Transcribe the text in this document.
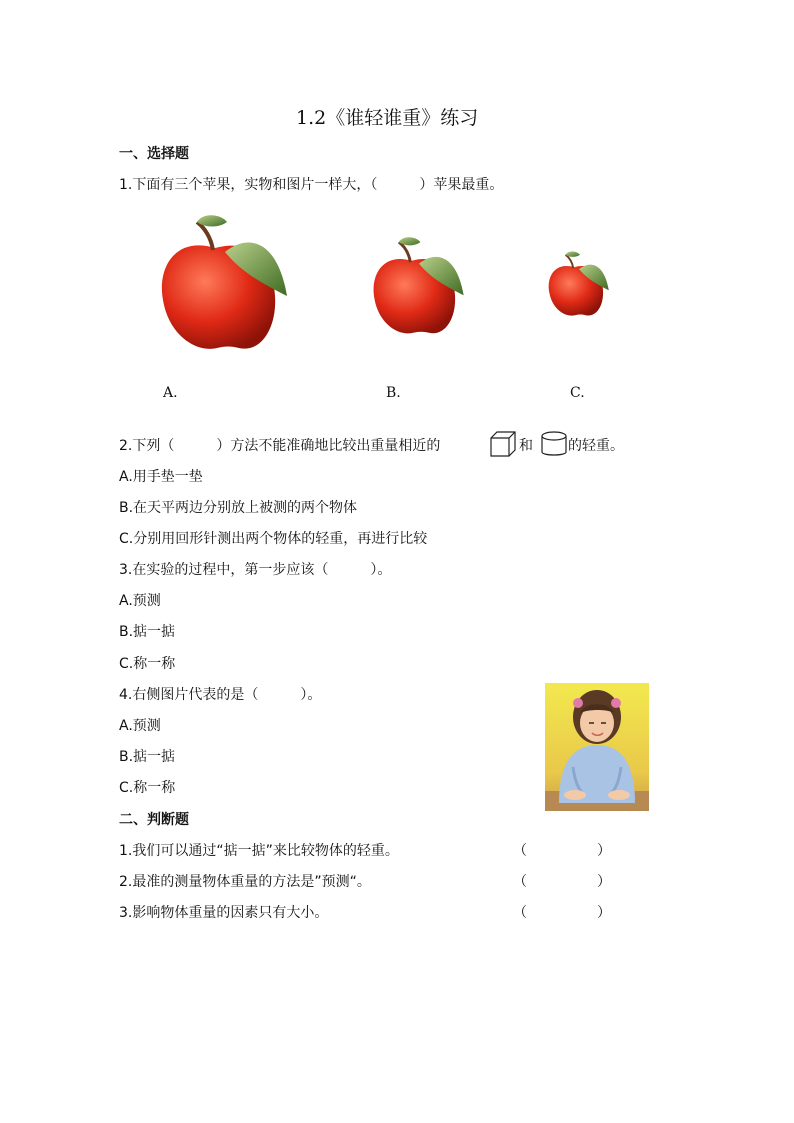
1.2《谁轻谁重》练习
一、选择题
1.下面有三个苹果，实物和图片一样大，（　　　）苹果最重。
A.	B.	C.
2.下列（　　　）方法不能准确地比较出重量相近的	和	的轻重。
A.用手垫一垫
B.在天平两边分别放上被测的两个物体
C.分别用回形针测出两个物体的轻重，再进行比较
3.在实验的过程中，第一步应该（　　　）。
A.预测
B.掂一掂
C.称一称
4.右侧图片代表的是（　　　）。
A.预测
B.掂一掂
C.称一称
二、判断题
1.我们可以通过“掂一掂”来比较物体的轻重。	（　　　　　）
2.最准的测量物体重量的方法是”预测“。	（　　　　　）
3.影响物体重量的因素只有大小。	（　　　　　）
